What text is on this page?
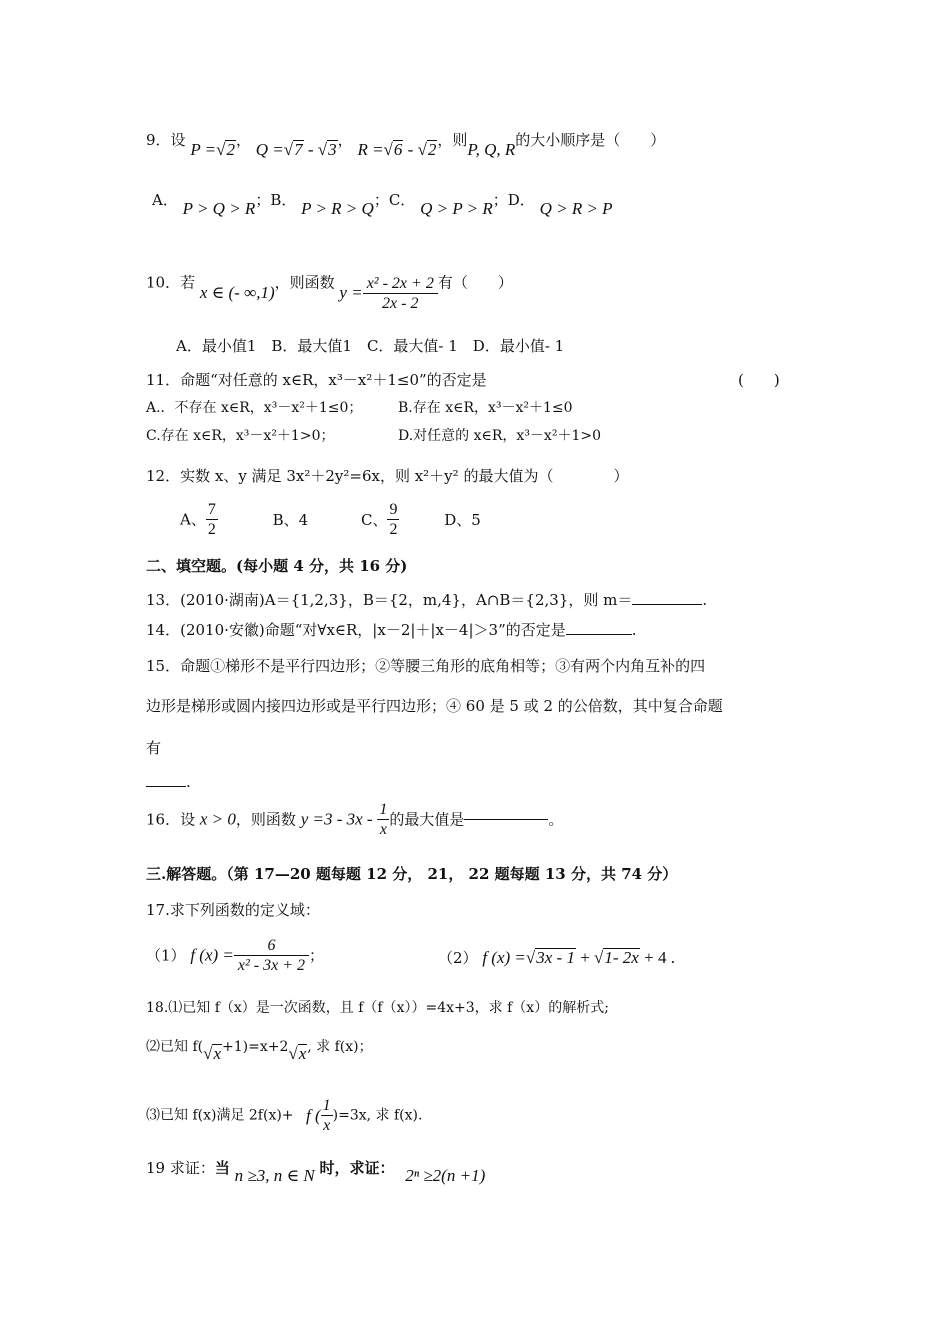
9．设 P =√2， Q =√7 - √3， R =√6 - √2，则P, Q, R的大小顺序是（　　）
A． P > Q > R；B． P > R > Q；C． Q > P > R；D． Q > R > P
10．若 x ∈ (- ∞,1)，则函数 $y = \frac{\text{x² - 2x + 2}}{2x - 2}$ 有（　　）
A．最小值1　B．最大值1　C．最大值- 1　D．最小值- 1
11．命题“对任意的 x∈R，x³－x²＋1≤0”的否定是	(　　)
A.．不存在 x∈R，x³－x²＋1≤0；	B.存在 x∈R，x³－x²＋1≤0
C.存在 x∈R，x³－x²＋1>0；	D.对任意的 x∈R，x³－x²＋1>0
12．实数 x、y 满足 3x²＋2y²=6x，则 x²＋y² 的最大值为（　　　　）
A、 $\frac{7}{2}$	B、4	C、 $\frac{9}{2}$	D、5
二、填空题。(每小题 4 分，共 16 分)
13．(2010·湖南)A＝{1,2,3}，B＝{2，m,4}，A∩B＝{2,3}，则 m＝	.
14．(2010·安徽)命题“对∀x∈R，|x－2|＋|x－4|＞3”的否定是	.
15．命题①梯形不是平行四边形；②等腰三角形的底角相等；③有两个内角互补的四
边形是梯形或圆内接四边形或是平行四边形；④ 60 是 5 或 2 的公倍数，其中复合命题
有
.
16．设 x > 0，则函数 $y =3 - 3x - \frac{1}{x}$ 的最大值是	。
三.解答题。（第 17—20 题每题 12 分， 21， 22 题每题 13 分，共 74 分）
17.求下列函数的定义域：
（1） f $(x) = \frac{6}{\text{x² - 3x + 2}}$ ；	（2） f (x) =√3x - 1 + √1- 2x + 4 .
18.⑴已知 f（x）是一次函数，且 f（f（x））=4x+3，求 f（x）的解析式;
⑵已知 f(√x+1)=x+2√x, 求 f(x)；
⑶已知 f(x)满足 2f(x)+ f ( $\frac{1}{x} )=3x$, 求 f(x).
19 求证：当 n ≥3, n ∈ N 时，求证： 2ⁿ ≥2(n +1)
